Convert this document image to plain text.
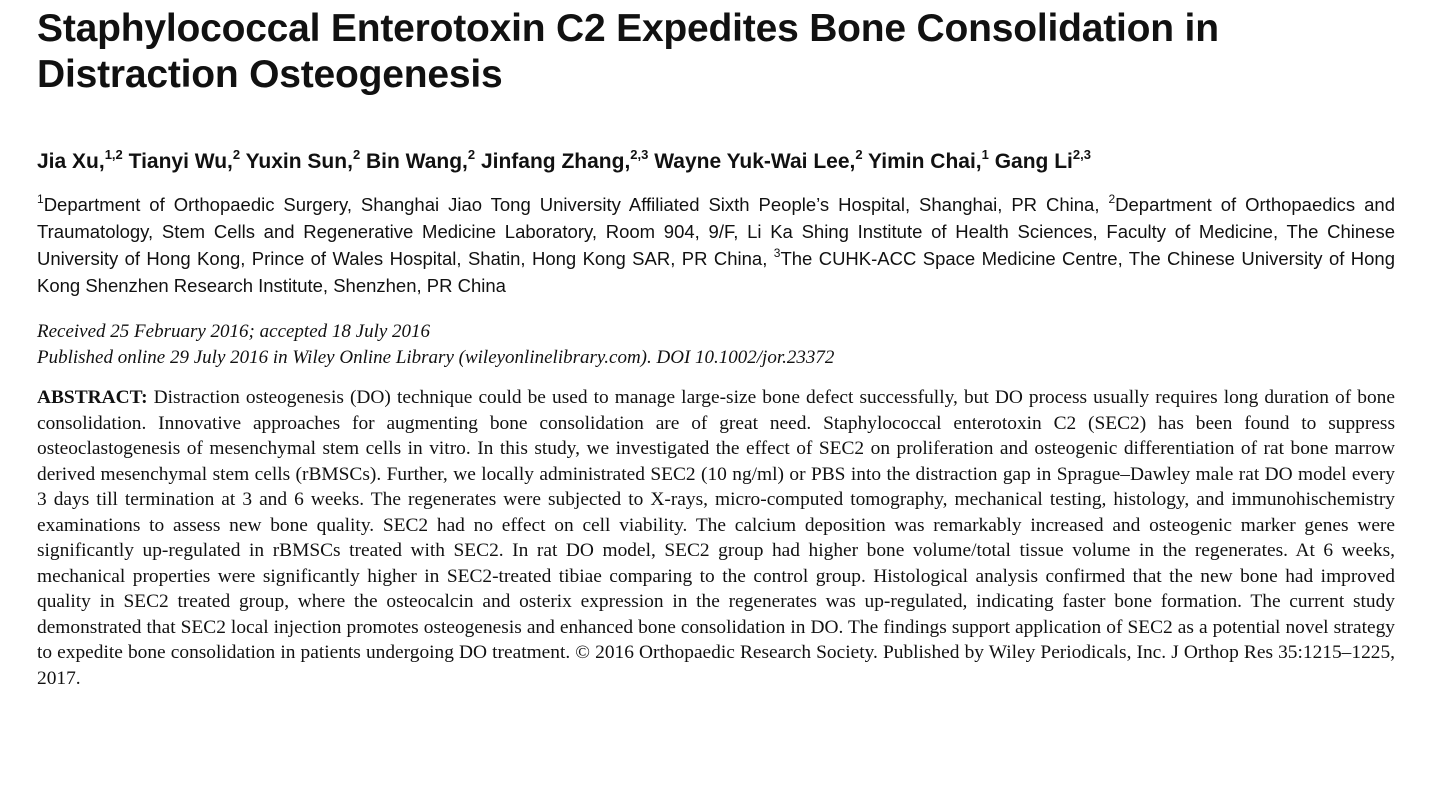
Staphylococcal Enterotoxin C2 Expedites Bone Consolidation in Distraction Osteogenesis
Jia Xu,$^{1,2}$ Tianyi Wu,$^2$ Yuxin Sun,$^2$ Bin Wang,$^2$ Jinfang Zhang,$^{2,3}$ Wayne Yuk-Wai Lee,$^2$ Yimin Chai,$^1$ Gang Li$^{2,3}$
$^1$Department of Orthopaedic Surgery, Shanghai Jiao Tong University Affiliated Sixth People’s Hospital, Shanghai, PR China, $^2$Department of Orthopaedics and Traumatology, Stem Cells and Regenerative Medicine Laboratory, Room 904, 9/F, Li Ka Shing Institute of Health Sciences, Faculty of Medicine, The Chinese University of Hong Kong, Prince of Wales Hospital, Shatin, Hong Kong SAR, PR China, $^3$The CUHK-ACC Space Medicine Centre, The Chinese University of Hong Kong Shenzhen Research Institute, Shenzhen, PR China
Received 25 February 2016; accepted 18 July 2016
Published online 29 July 2016 in Wiley Online Library (wileyonlinelibrary.com). DOI 10.1002/jor.23372
ABSTRACT: Distraction osteogenesis (DO) technique could be used to manage large-size bone defect successfully, but DO process usually requires long duration of bone consolidation. Innovative approaches for augmenting bone consolidation are of great need. Staphylococcal enterotoxin C2 (SEC2) has been found to suppress osteoclastogenesis of mesenchymal stem cells in vitro. In this study, we investigated the effect of SEC2 on proliferation and osteogenic differentiation of rat bone marrow derived mesenchymal stem cells (rBMSCs). Further, we locally administrated SEC2 (10 ng/ml) or PBS into the distraction gap in Sprague–Dawley male rat DO model every 3 days till termination at 3 and 6 weeks. The regenerates were subjected to X-rays, micro-computed tomography, mechanical testing, histology, and immunohischemistry examinations to assess new bone quality. SEC2 had no effect on cell viability. The calcium deposition was remarkably increased and osteogenic marker genes were significantly up-regulated in rBMSCs treated with SEC2. In rat DO model, SEC2 group had higher bone volume/total tissue volume in the regenerates. At 6 weeks, mechanical properties were significantly higher in SEC2-treated tibiae comparing to the control group. Histological analysis confirmed that the new bone had improved quality in SEC2 treated group, where the osteocalcin and osterix expression in the regenerates was up-regulated, indicating faster bone formation. The current study demonstrated that SEC2 local injection promotes osteogenesis and enhanced bone consolidation in DO. The findings support application of SEC2 as a potential novel strategy to expedite bone consolidation in patients undergoing DO treatment. © 2016 Orthopaedic Research Society. Published by Wiley Periodicals, Inc. J Orthop Res 35:1215–1225, 2017.
